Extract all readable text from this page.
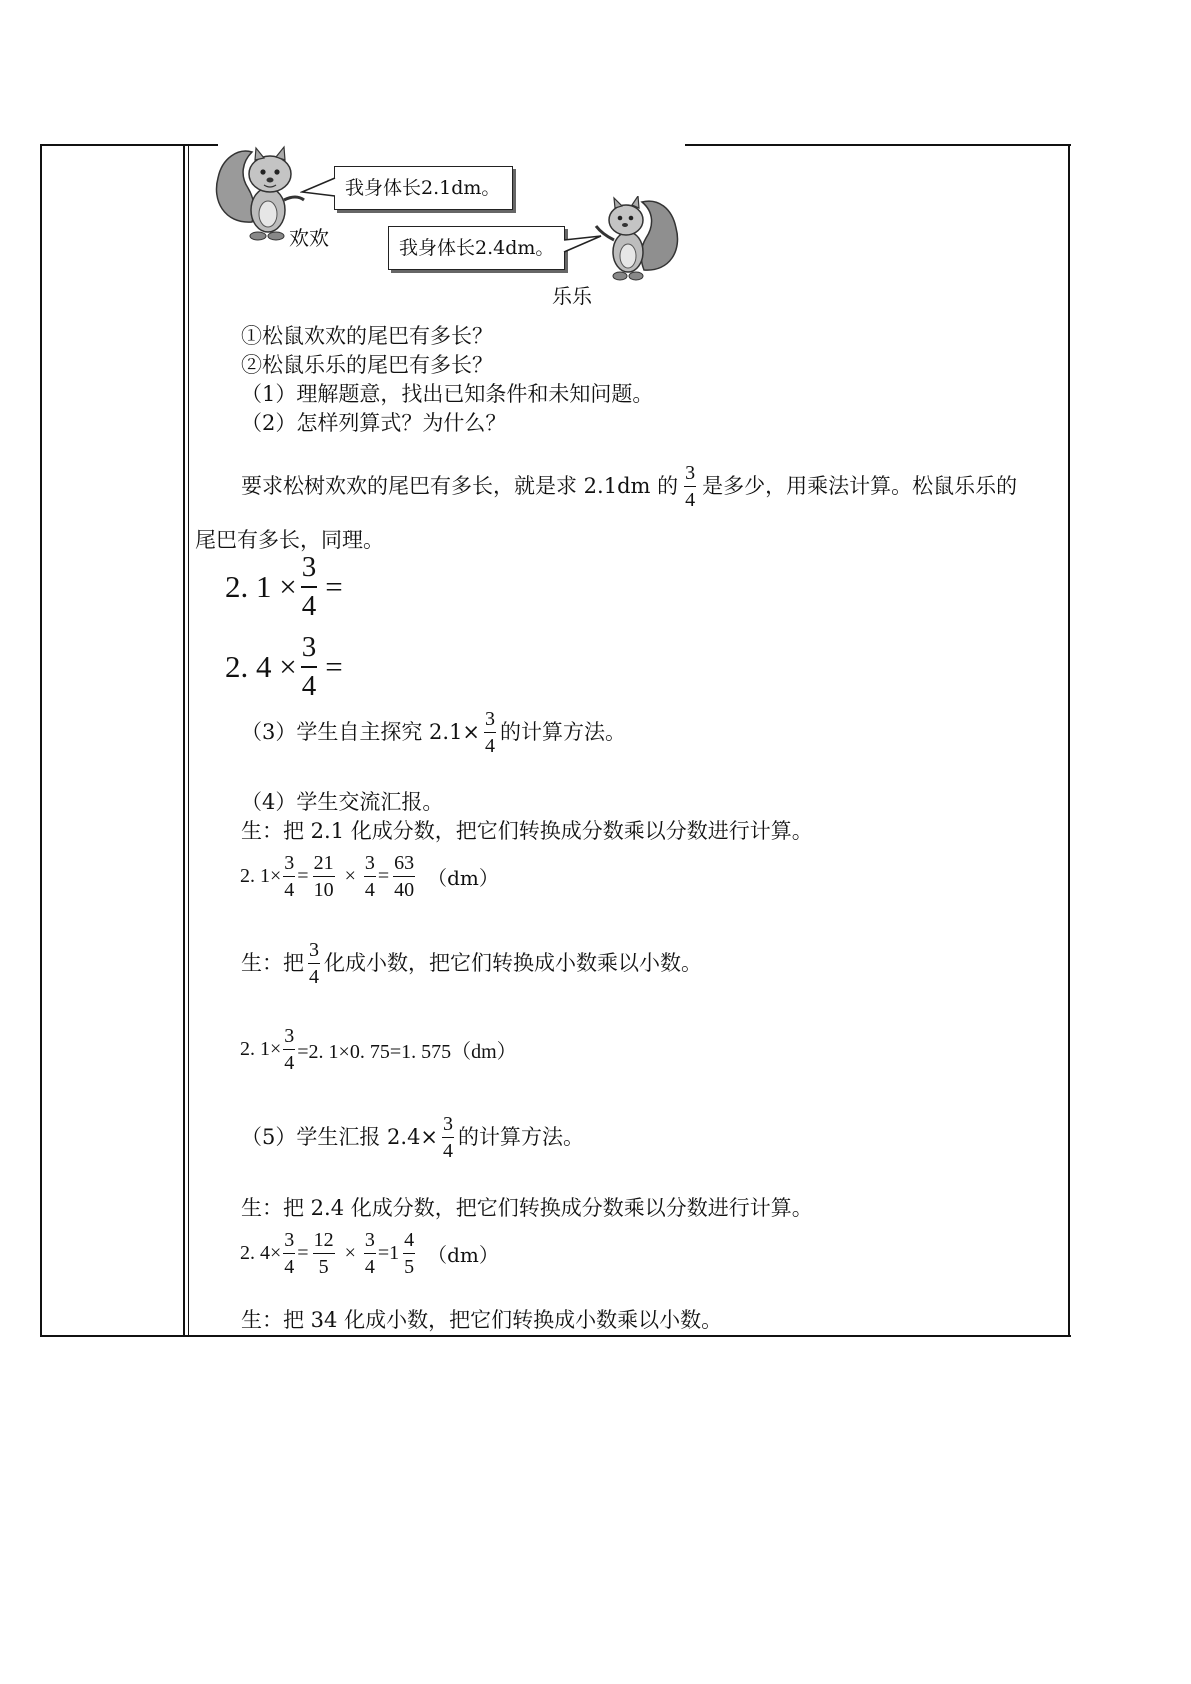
我身体长2.1dm。
欢欢	我身体长2.4dm。
乐乐
①松鼠欢欢的尾巴有多长？
②松鼠乐乐的尾巴有多长？
（1）理解题意，找出已知条件和未知问题。
（2）怎样列算式？为什么？
要求松树欢欢的尾巴有多长，就是求 2.1dm 的 $\frac{3}{4}$ 是多少，用乘法计算。松鼠乐乐的
尾巴有多长，同理。
2. $1 \times \frac{3}{4}$ =
2. $4 \times \frac{3}{4}$ =
（3）学生自主探究 $2.1\times \frac{3}{4}$ 的计算方法。
（4）学生交流汇报。
生：把 2.1 化成分数，把它们转换成分数乘以分数进行计算。
2. $1\times \frac{3}{4} = \frac{21}{10} \times \frac{3}{4} = \frac{63}{40} (dm)$
生：把 $\frac{3}{4}$ 化成小数，把它们转换成小数乘以小数。
2. $1\times \frac{3}{4} =2$. 1×0. 75=1. 575（dm）
（5）学生汇报 $2.4\times \frac{3}{4}$ 的计算方法。
生：把 2.4 化成分数，把它们转换成分数乘以分数进行计算。
2. $4\times \frac{3}{4} = \frac{12}{5} \times \frac{3}{4} =1 \frac{4}{5} (dm)$
生：把 34 化成小数，把它们转换成小数乘以小数。
